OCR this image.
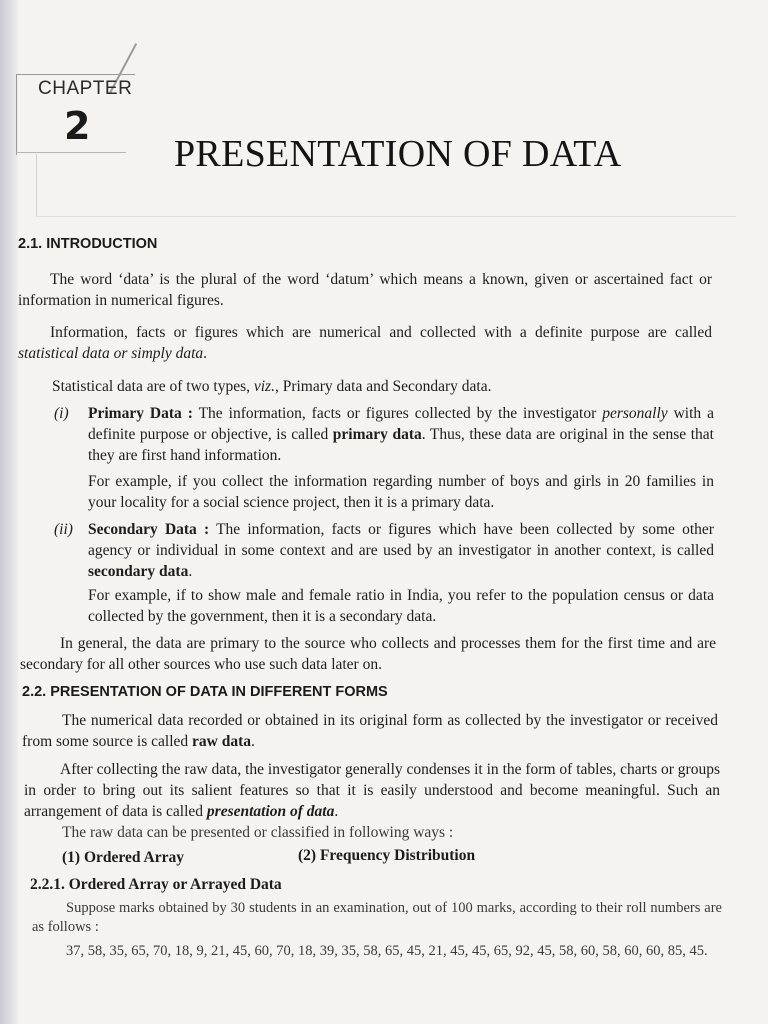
CHAPTER
2
PRESENTATION OF DATA
2.1. INTRODUCTION

The word ‘data’ is the plural of the word ‘datum’ which means a known, given or ascertained fact or information in numerical figures.

Information, facts or figures which are numerical and collected with a definite purpose are called statistical data or simply data.

Statistical data are of two types, viz., Primary data and Secondary data.

(i)	Primary Data : The information, facts or figures collected by the investigator personally with a definite purpose or objective, is called primary data. Thus, these data are original in the sense that they are first hand information.

For example, if you collect the information regarding number of boys and girls in 20 families in your locality for a social science project, then it is a primary data.

(ii) Secondary Data : The information, facts or figures which have been collected by some other agency or individual in some context and are used by an investigator in another context, is called secondary data.

For example, if to show male and female ratio in India, you refer to the population census or data collected by the government, then it is a secondary data.

In general, the data are primary to the source who collects and processes them for the first time and are secondary for all other sources who use such data later on.

2.2. PRESENTATION OF DATA IN DIFFERENT FORMS

The numerical data recorded or obtained in its original form as collected by the investigator or received from some source is called raw data.

After collecting the raw data, the investigator generally condenses it in the form of tables, charts or groups in order to bring out its salient features so that it is easily understood and become meaningful. Such an arrangement of data is called presentation of data.

The raw data can be presented or classified in following ways :

(1) Ordered Array	(2) Frequency Distribution
2.2.1. Ordered Array or Arrayed Data

Suppose marks obtained by 30 students in an examination, out of 100 marks, according to their roll numbers are as follows :

37, 58, 35, 65, 70, 18, 9, 21, 45, 60, 70, 18, 39, 35, 58, 65, 45, 21, 45, 45, 65, 92, 45, 58, 60, 58, 60, 60, 85, 45.
